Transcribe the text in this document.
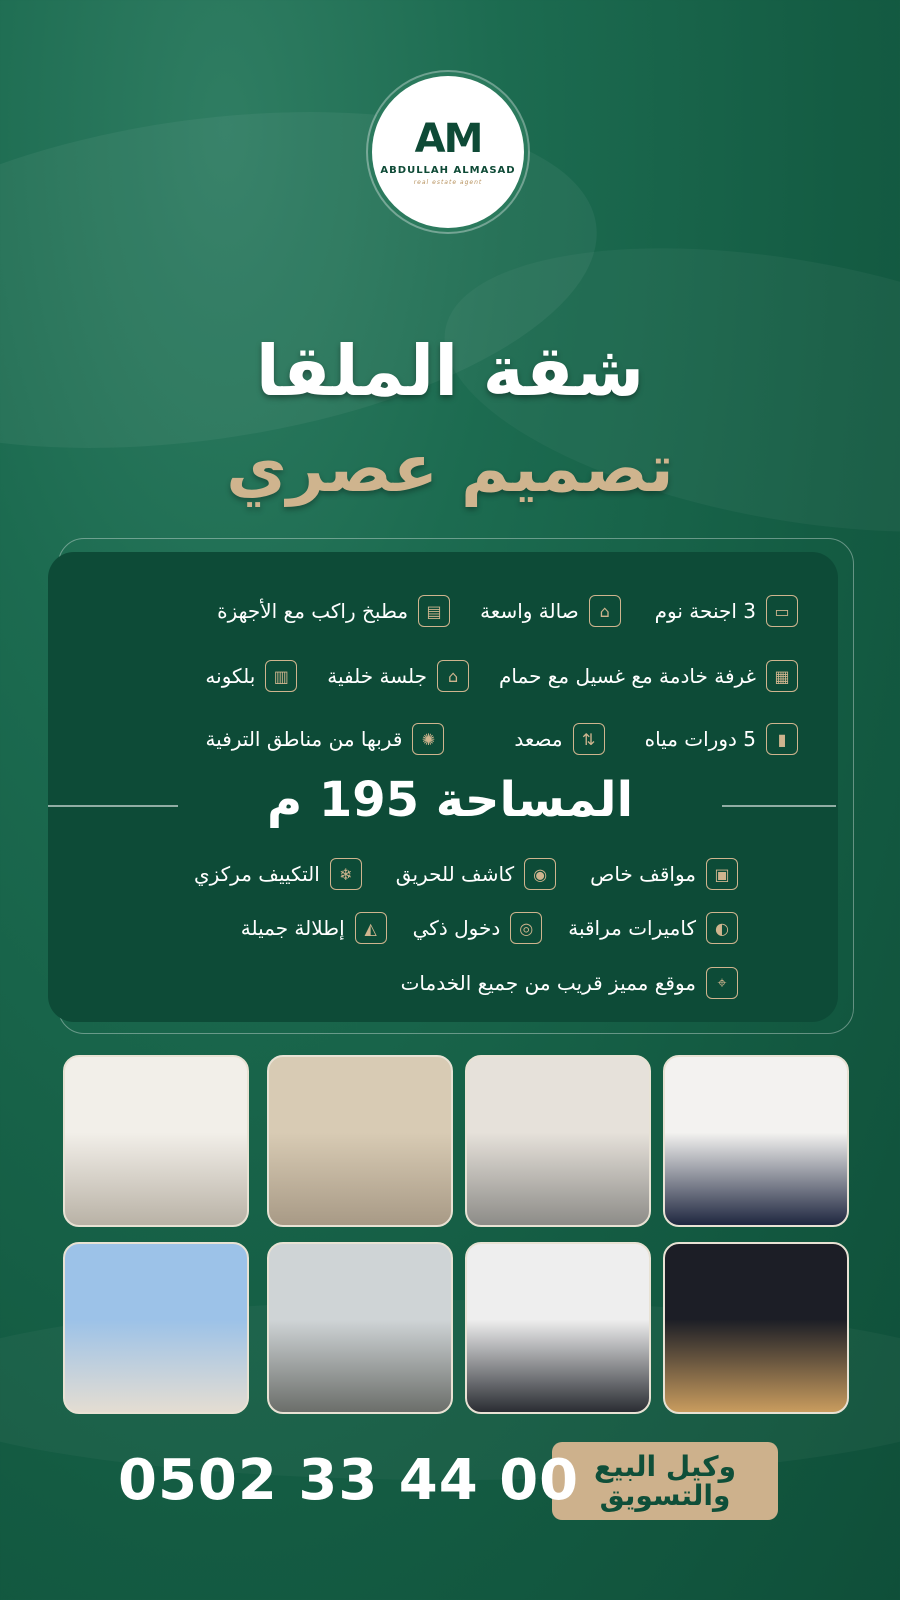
AM
ABDULLAH ALMASAD
real estate agent
شقة الملقا
تصميم عصري
▭
3 اجنحة نوم
⌂
صالة واسعة
▤
مطبخ راكب مع الأجهزة
▦
غرفة خادمة مع غسيل مع حمام
⌂
جلسة خلفية
▥
بلكونه
▮
5 دورات مياه
⇅
مصعد
✺
قربها من مناطق الترفية
المساحة 195 م
▣
مواقف خاص
◉
كاشف للحريق
❄
التكييف مركزي
◐
كاميرات مراقبة
◎
دخول ذكي
◭
إطلالة جميلة
⌖
موقع مميز قريب من جميع الخدمات
وكيل البيع
والتسويق
0502 33 44 00
